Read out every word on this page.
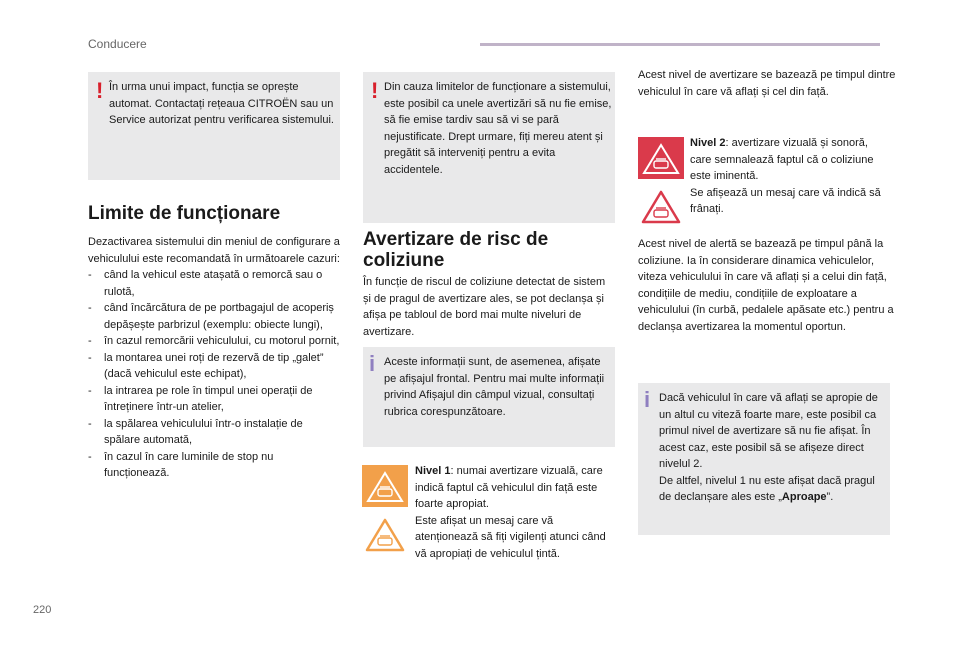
Conducere
! În urma unui impact, funcția se oprește automat. Contactați rețeaua CITROËN sau un Service autorizat pentru verificarea sistemului.

Limite de funcționare

Dezactivarea sistemului din meniul de configurare a vehiculului este recomandată în următoarele cazuri:

- când la vehicul este atașată o remorcă sau o rulotă,
- când încărcătura de pe portbagajul de acoperiș depășește parbrizul (exemplu: obiecte lungi),
- în cazul remorcării vehiculului, cu motorul pornit,
- la montarea unei roți de rezervă de tip „galet” (dacă vehiculul este echipat),
- la intrarea pe role în timpul unei operații de întreținere într-un atelier,
- la spălarea vehiculului într-o instalație de spălare automată,
- în cazul în care luminile de stop nu funcționează.
! Din cauza limitelor de funcționare a sistemului, este posibil ca unele avertizări să nu fie emise, să fie emise tardiv sau să vi se pară nejustificate. Drept urmare, fiți mereu atent și pregătit să interveniți pentru a evita accidentele.

Avertizare de risc de coliziune

În funcție de riscul de coliziune detectat de sistem și de pragul de avertizare ales, se pot declanșa și afișa pe tabloul de bord mai multe niveluri de avertizare.

i Aceste informații sunt, de asemenea, afișate pe afișajul frontal. Pentru mai multe informații privind Afișajul din câmpul vizual, consultați rubrica corespunzătoare.

Nivel 1: numai avertizare vizuală, care indică faptul că vehiculul din față este foarte apropiat.

Este afișat un mesaj care vă atenționează să fiți vigilenți atunci când vă apropiați de vehiculul țintă.

Acest nivel de avertizare se bazează pe timpul dintre vehiculul în care vă aflați și cel din față.

Nivel 2: avertizare vizuală și sonoră, care semnalează faptul că o coliziune este iminentă.

Se afișează un mesaj care vă indică să frânați.

Acest nivel de alertă se bazează pe timpul până la coliziune. Ia în considerare dinamica vehiculelor, viteza vehiculului în care vă aflați și a celui din față, condițiile de mediu, condițiile de exploatare a vehiculului (în curbă, pedalele apăsate etc.) pentru a declanșa avertizarea la momentul oportun.

i Dacă vehiculul în care vă aflați se apropie de un altul cu viteză foarte mare, este posibil ca primul nivel de avertizare să nu fie afișat. În acest caz, este posibil să se afișeze direct nivelul 2.

De altfel, nivelul 1 nu este afișat dacă pragul de declanșare ales este „Aproape”.

220
